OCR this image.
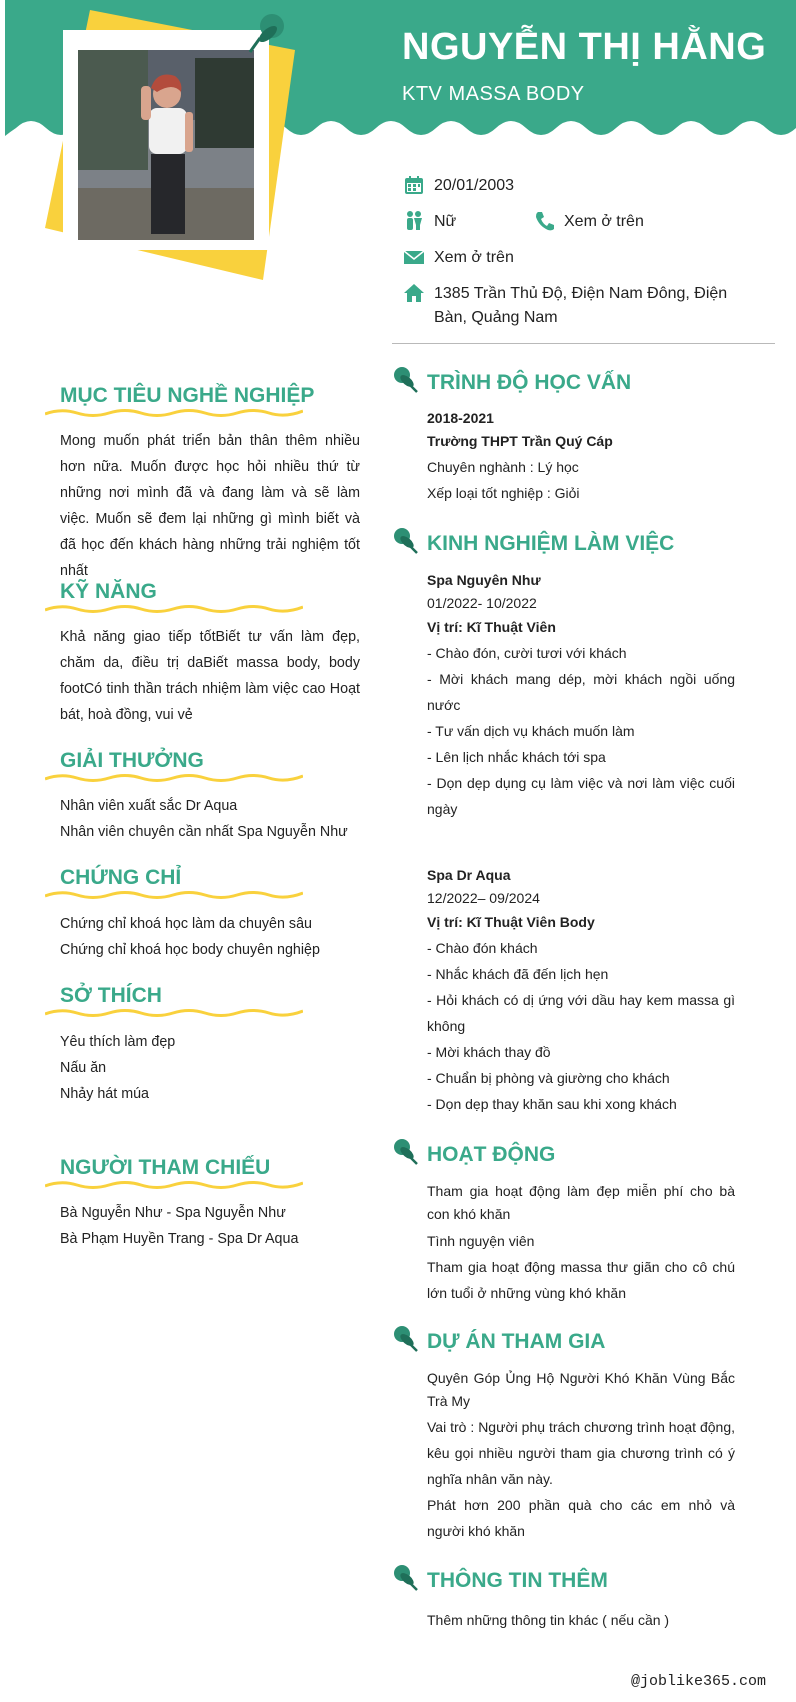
NGUYỄN THỊ HẰNG
KTV MASSA BODY
20/01/2003
Nữ	Xem ở trên
Xem ở trên
1385 Trần Thủ Độ, Điện Nam Đông, Điện Bàn, Quảng Nam
MỤC TIÊU NGHỀ NGHIỆP
Mong muốn phát triển bản thân thêm nhiều hơn nữa. Muốn được học hỏi nhiều thứ từ những nơi mình đã và đang làm và sẽ làm việc. Muốn sẽ đem lại những gì mình biết và đã học đến khách hàng những trải nghiệm tốt nhất
KỸ NĂNG
Khả năng giao tiếp tốtBiết tư vấn làm đẹp, chăm da, điều trị daBiết massa body, body footCó tinh thần trách nhiệm làm việc cao Hoạt bát, hoà đồng, vui vẻ
GIẢI THƯỞNG
Nhân viên xuất sắc Dr Aqua
Nhân viên chuyên cần nhất Spa Nguyễn Như
CHỨNG CHỈ
Chứng chỉ khoá học làm da chuyên sâu
Chứng chỉ khoá học body chuyên nghiệp
SỞ THÍCH
Yêu thích làm đẹp
Nấu ăn
Nhảy hát múa
NGƯỜI THAM CHIẾU
Bà Nguyễn Như - Spa Nguyễn Như
Bà Phạm Huyền Trang - Spa Dr Aqua
TRÌNH ĐỘ HỌC VẤN
2018-2021
Trường THPT Trần Quý Cáp
Chuyên nghành : Lý học
Xếp loại tốt nghiệp : Giỏi
KINH NGHIỆM LÀM VIỆC
Spa Nguyên Như
01/2022- 10/2022
Vị trí: Kĩ Thuật Viên
- Chào đón, cười tươi với khách
- Mời khách mang dép, mời khách ngồi uống nước
- Tư vấn dịch vụ khách muốn làm
- Lên lịch nhắc khách tới spa
- Dọn dẹp dụng cụ làm việc và nơi làm việc cuối ngày
Spa Dr Aqua
12/2022– 09/2024
Vị trí: Kĩ Thuật Viên Body
- Chào đón khách
- Nhắc khách đã đến lịch hẹn
- Hỏi khách có dị ứng với dầu hay kem massa gì không
- Mời khách thay đồ
- Chuẩn bị phòng và giường cho khách
- Dọn dẹp thay khăn sau khi xong khách
HOẠT ĐỘNG
Tham gia hoạt động làm đẹp miễn phí cho bà con khó khăn
Tình nguyện viên
Tham gia hoạt động massa thư giãn cho cô chú lớn tuổi ở những vùng khó khăn
DỰ ÁN THAM GIA
Quyên Góp Ủng Hộ Người Khó Khăn Vùng Bắc Trà My
Vai trò : Người phụ trách chương trình hoạt động, kêu gọi nhiều người tham gia chương trình có ý nghĩa nhân văn này.
Phát hơn 200 phần quà cho các em nhỏ và người khó khăn
THÔNG TIN THÊM
Thêm những thông tin khác ( nếu cần )
@joblike365.com
